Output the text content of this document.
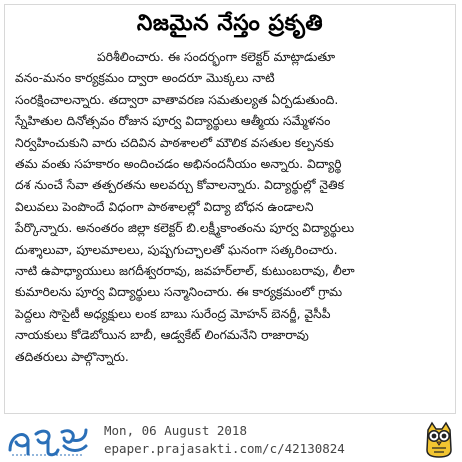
నిజమైన నేస్తం ప్రకృతి

పరిశీలించారు. ఈ సందర్భంగా కలెక్టర్ మాట్లాడుతూ

వనం-మనం కార్యక్రమం ద్వారా అందరూ మొక్కలు నాటి

సంరక్షించాలన్నారు. తద్వారా వాతావరణ సమతుల్యత ఏర్పడుతుంది.

స్నేహితుల దినోత్సవం రోజున పూర్వ విద్యార్థులు ఆత్మీయ సమ్మేళనం

నిర్వహించుకుని వారు చదివిన పాఠశాలలో మౌలిక వసతుల కల్పనకు

తమ వంతు సహకారం అందించడం అభినందనీయం అన్నారు. విద్యార్థి

దశ నుంచే సేవా తత్పరతను అలవర్చు కోవాలన్నారు. విద్యార్థుల్లో నైతిక

విలువలు పెంపొందే విధంగా పాఠశాలల్లో విద్యా బోధన ఉండాలని

పేర్కొన్నారు. అనంతరం జిల్లా కలెక్టర్ బి.లక్ష్మీకాంతంను పూర్వ విద్యార్థులు

దుశ్శాలువా, పూలమాలలు, పుష్పగుచ్ఛాలతో ఘనంగా సత్కరించారు.

నాటి ఉపాధ్యాయులు జగదీశ్వరరావు, జవహర్‌లాల్, కుటుంబరావు, లీలా

కుమారిలను పూర్వ విద్యార్థులు సన్మానించారు. ఈ కార్యక్రమంలో గ్రామ

పెద్దలు సొసైటీ అధ్యక్షులు లంక బాబు సురేంద్ర మోహన్ బెనర్జీ, వైసీపీ

నాయకులు కోడెబోయిన బాబీ, ఆడ్వకేట్ లింగమనేని రాజారావు

తదితరులు పాల్గొన్నారు.

Mon, 06 August 2018
epaper.prajasakti.com/c/42130824
